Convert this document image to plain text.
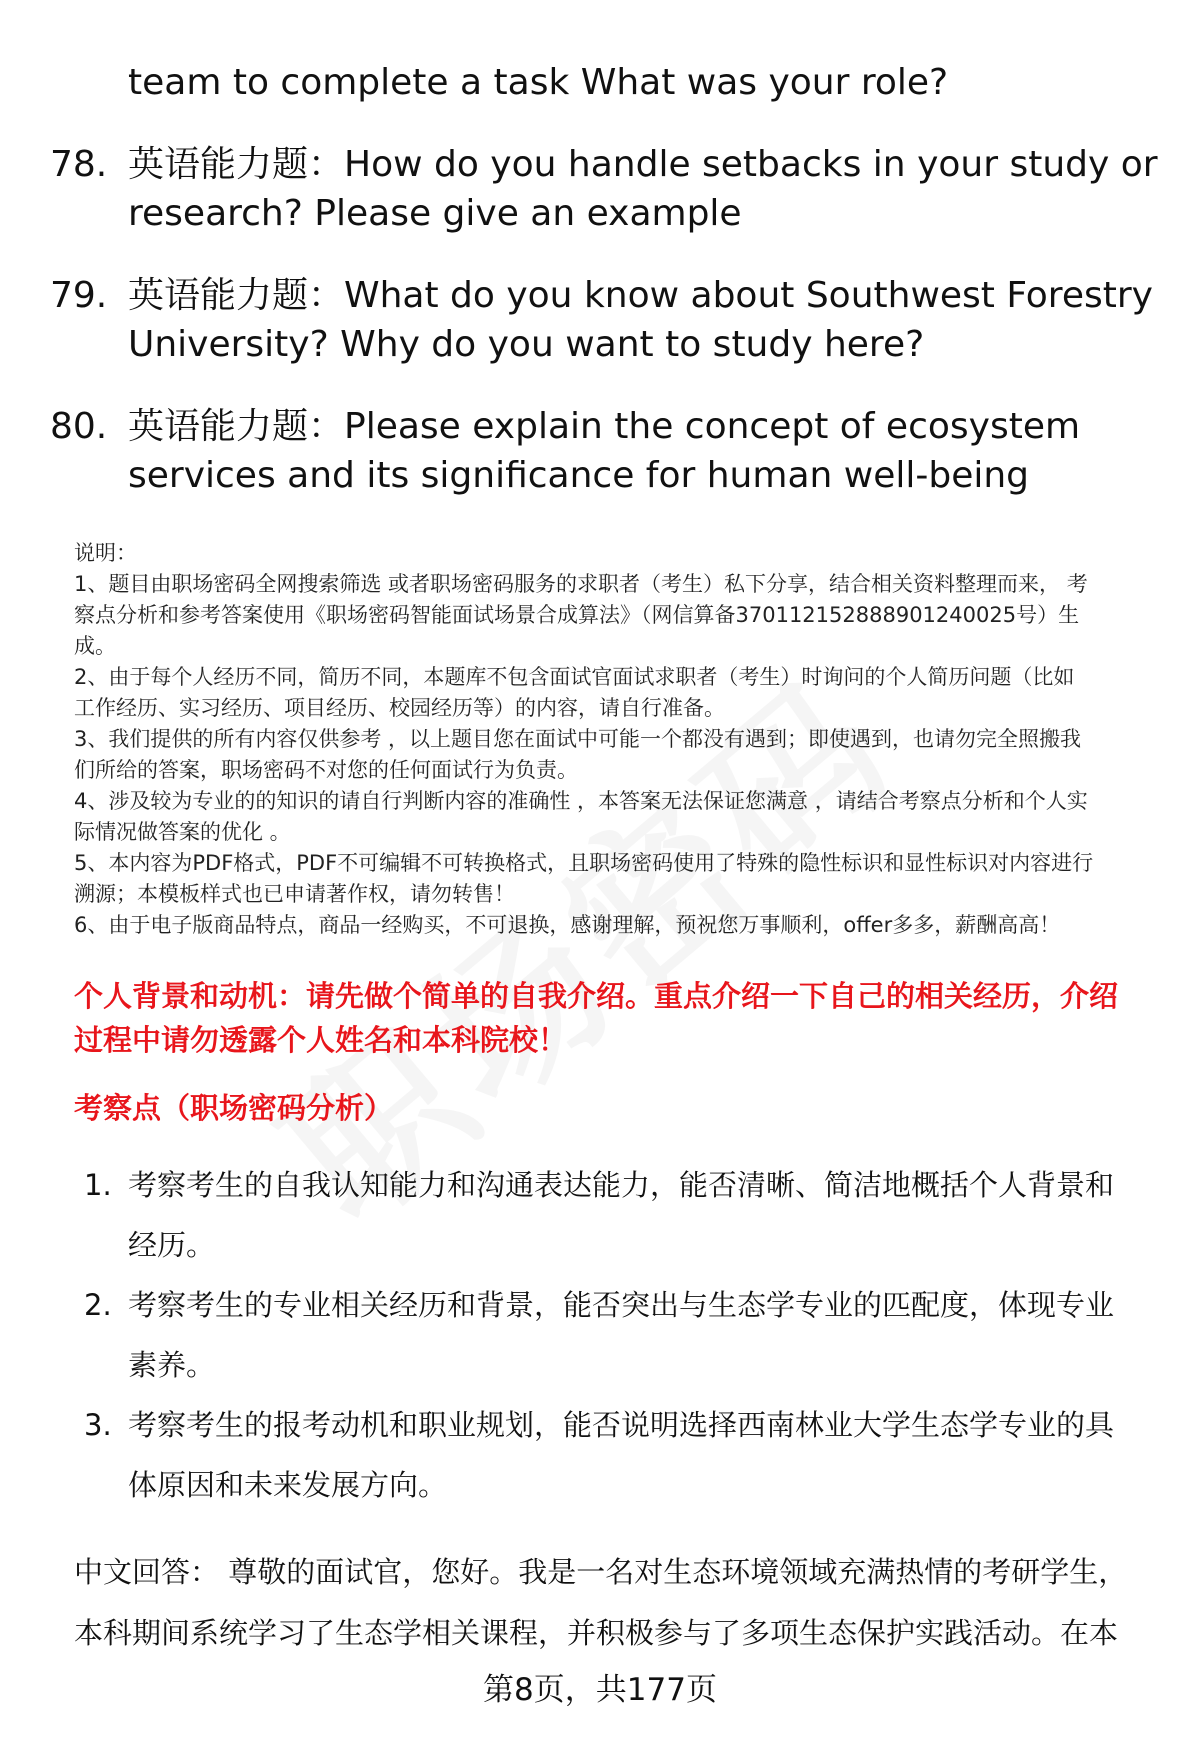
team to complete a task What was your role?
78. 英语能力题：How do you handle setbacks in your study or
research? Please give an example
79. 英语能力题：What do you know about Southwest Forestry
University? Why do you want to study here?
80. 英语能力题：Please explain the concept of ecosystem
services and its significance for human well-being

说明：

1、题目由职场密码全网搜索筛选 或者职场密码服务的求职者（考生）私下分享，结合相关资料整理而来， 考

察点分析和参考答案使用《职场密码智能面试场景合成算法》（网信算备370112152888901240025号）生

成。

2、由于每个人经历不同，简历不同，本题库不包含面试官面试求职者（考生）时询问的个人简历问题（比如

工作经历、实习经历、项目经历、校园经历等）的内容，请自行准备。

3、我们提供的所有内容仅供参考 ，以上题目您在面试中可能一个都没有遇到；即使遇到，也请勿完全照搬我

们所给的答案，职场密码不对您的任何面试行为负责。

4、涉及较为专业的的知识的请自行判断内容的准确性 ，本答案无法保证您满意 ，请结合考察点分析和个人实

际情况做答案的优化 。

5、本内容为PDF格式，PDF不可编辑不可转换格式，且职场密码使用了特殊的隐性标识和显性标识对内容进行

溯源；本模板样式也已申请著作权，请勿转售！

6、由于电子版商品特点，商品一经购买，不可退换，感谢理解，预祝您万事顺利，offer多多，薪酬高高！

个人背景和动机：请先做个简单的自我介绍。重点介绍一下自己的相关经历，介绍
过程中请勿透露个人姓名和本科院校！
考察点（职场密码分析）
1. 考察考生的自我认知能力和沟通表达能力，能否清晰、简洁地概括个人背景和
经历。
2. 考察考生的专业相关经历和背景，能否突出与生态学专业的匹配度，体现专业
素养。
3. 考察考生的报考动机和职业规划，能否说明选择西南林业大学生态学专业的具
体原因和未来发展方向。
中文回答： 尊敬的面试官，您好。我是一名对生态环境领域充满热情的考研学生，
本科期间系统学习了生态学相关课程，并积极参与了多项生态保护实践活动。在本
第8页，共177页
